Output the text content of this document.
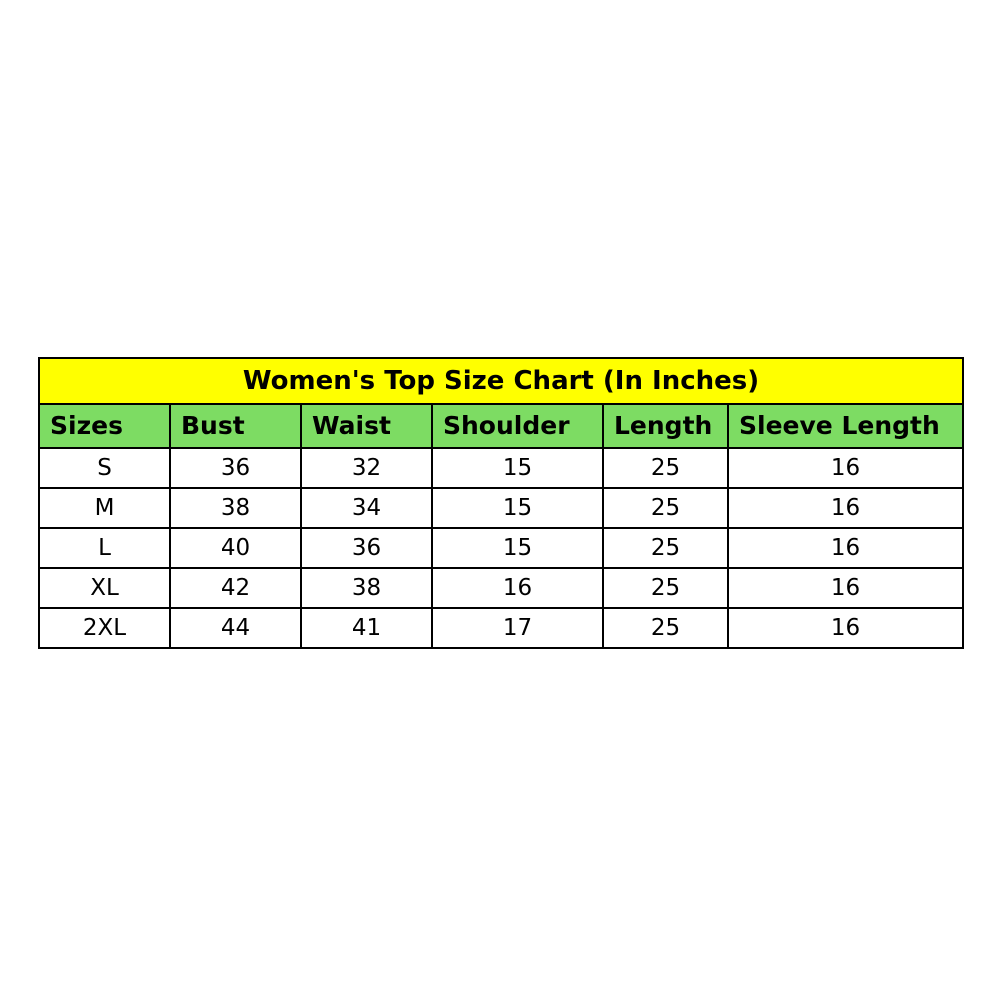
Women's Top Size Chart (In Inches)					
Sizes	Bust	Waist	Shoulder	Length	Sleeve Length
S	36	32	15	25	16
M	38	34	15	25	16
L	40	36	15	25	16
XL	42	38	16	25	16
2XL	44	41	17	25	16
